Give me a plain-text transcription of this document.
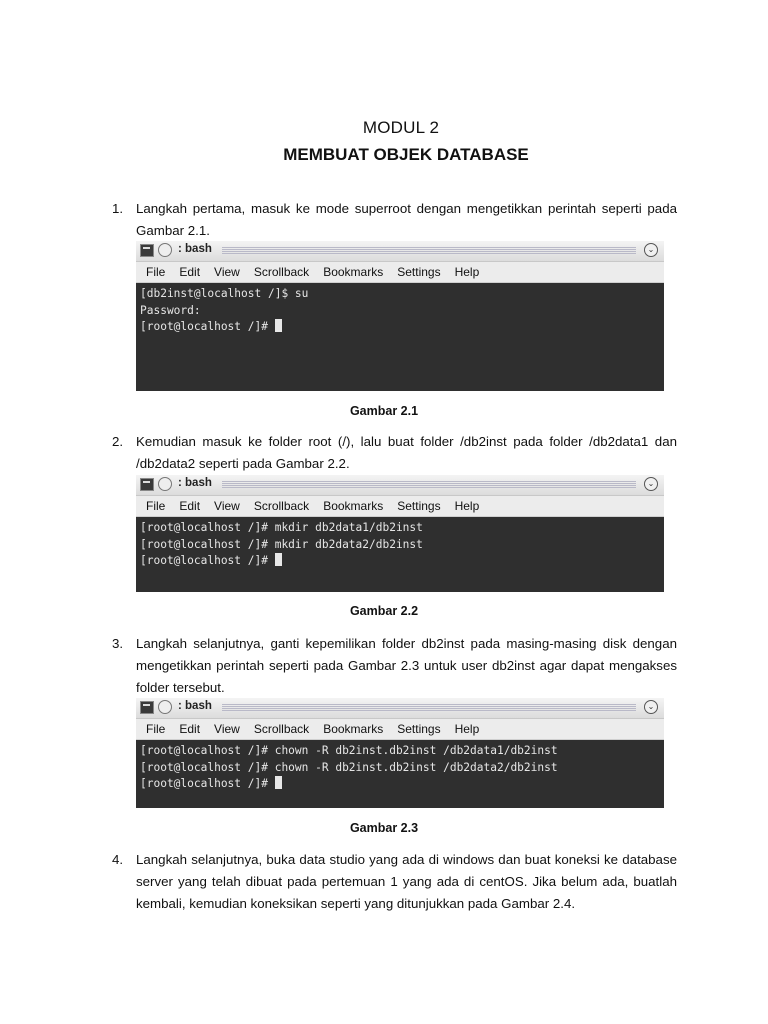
MODUL 2
MEMBUAT OBJEK DATABASE
1. Langkah pertama, masuk ke mode superroot dengan mengetikkan perintah seperti pada Gambar 2.1.
: bash	⌄
File Edit View Scrollback Bookmarks Settings Help
[db2inst@localhost /]$ su
Password:
[root@localhost /]#
Gambar 2.1
2. Kemudian masuk ke folder root (/), lalu buat folder /db2inst pada folder /db2data1 dan /db2data2 seperti pada Gambar 2.2.
: bash	⌄
File Edit View Scrollback Bookmarks Settings Help
[root@localhost /]# mkdir db2data1/db2inst
[root@localhost /]# mkdir db2data2/db2inst
[root@localhost /]#
Gambar 2.2
3. Langkah selanjutnya, ganti kepemilikan folder db2inst pada masing-masing disk dengan mengetikkan perintah seperti pada Gambar 2.3 untuk user db2inst agar dapat mengakses folder tersebut.
: bash	⌄
File Edit View Scrollback Bookmarks Settings Help
[root@localhost /]# chown -R db2inst.db2inst /db2data1/db2inst
[root@localhost /]# chown -R db2inst.db2inst /db2data2/db2inst
[root@localhost /]#
Gambar 2.3
4. Langkah selanjutnya, buka data studio yang ada di windows dan buat koneksi ke database server yang telah dibuat pada pertemuan 1 yang ada di centOS. Jika belum ada, buatlah kembali, kemudian koneksikan seperti yang ditunjukkan pada Gambar 2.4.
